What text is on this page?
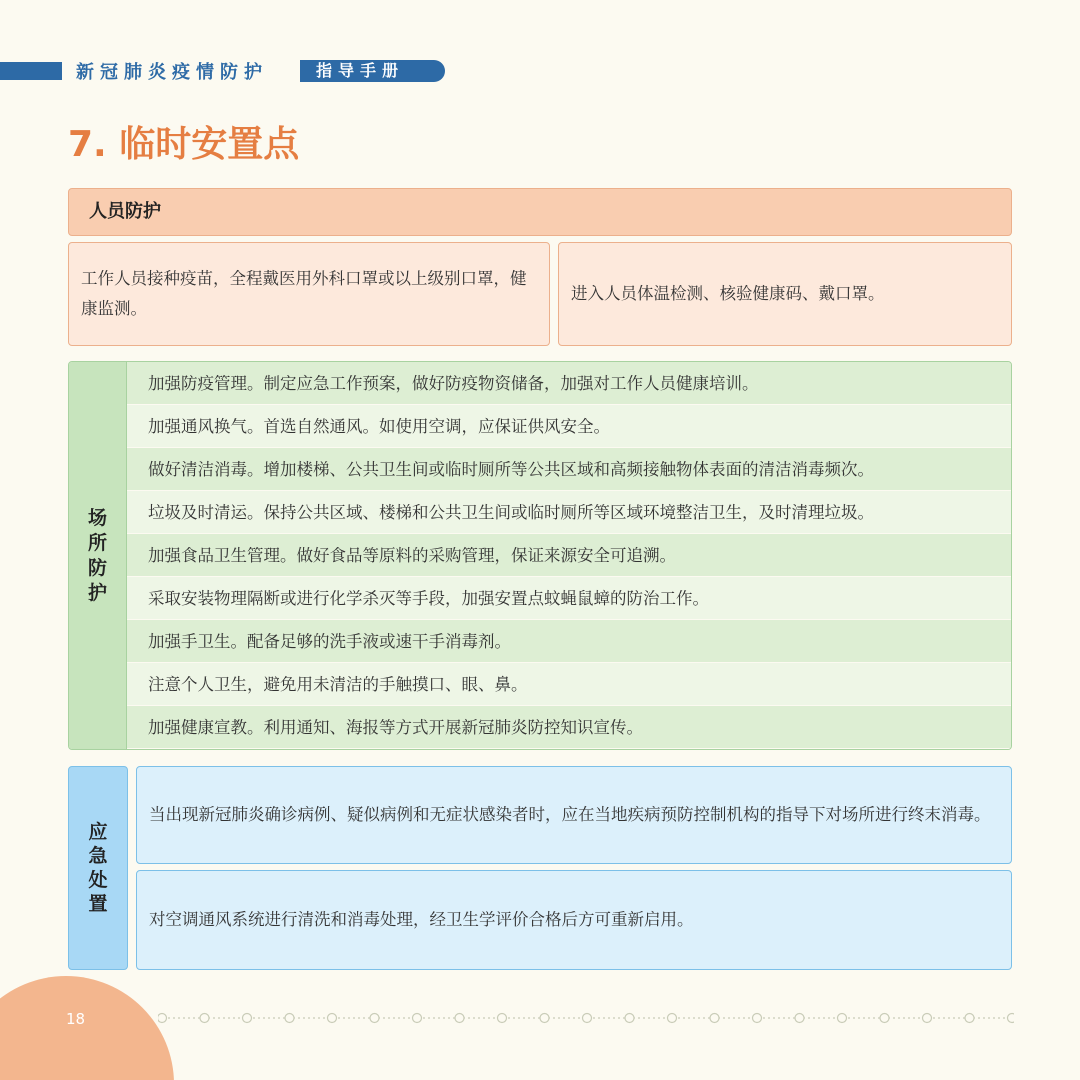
新冠肺炎疫情防护	指导手册
7. 临时安置点
人员防护
工作人员接种疫苗，全程戴医用外科口罩或以上级别口罩，健康监测。
进入人员体温检测、核验健康码、戴口罩。
场
所
防
护
加强防疫管理。制定应急工作预案，做好防疫物资储备，加强对工作人员健康培训。
加强通风换气。首选自然通风。如使用空调，应保证供风安全。
做好清洁消毒。增加楼梯、公共卫生间或临时厕所等公共区域和高频接触物体表面的清洁消毒频次。
垃圾及时清运。保持公共区域、楼梯和公共卫生间或临时厕所等区域环境整洁卫生，及时清理垃圾。
加强食品卫生管理。做好食品等原料的采购管理，保证来源安全可追溯。
采取安装物理隔断或进行化学杀灭等手段，加强安置点蚊蝇鼠蟑的防治工作。
加强手卫生。配备足够的洗手液或速干手消毒剂。
注意个人卫生，避免用未清洁的手触摸口、眼、鼻。
加强健康宣教。利用通知、海报等方式开展新冠肺炎防控知识宣传。
应
急
处
置
当出现新冠肺炎确诊病例、疑似病例和无症状感染者时，应在当地疾病预防控制机构的指导下对场所进行终末消毒。
对空调通风系统进行清洗和消毒处理，经卫生学评价合格后方可重新启用。
18
